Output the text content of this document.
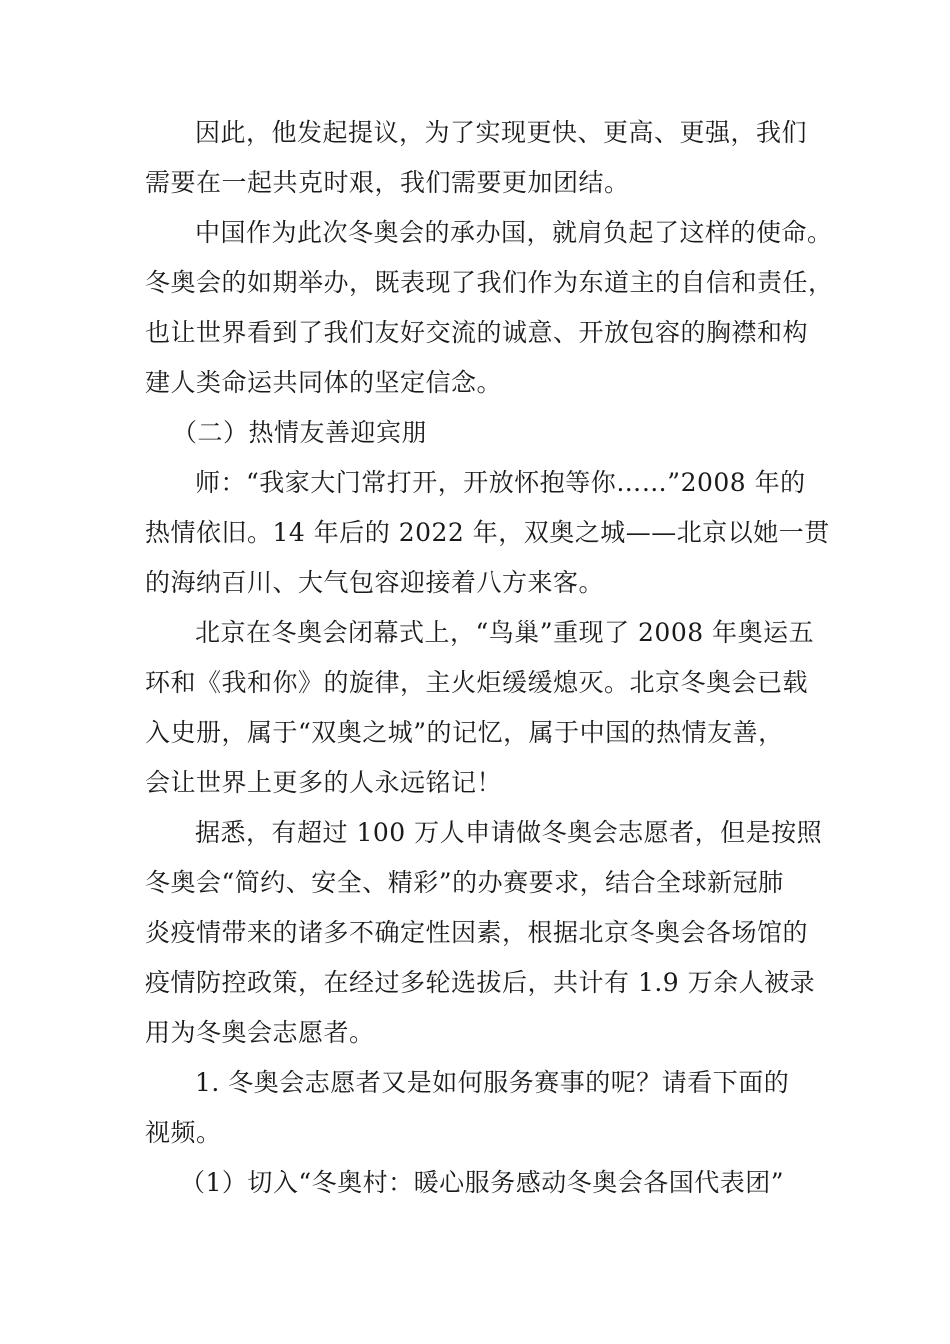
因此，他发起提议，为了实现更快、更高、更强，我们
需要在一起共克时艰，我们需要更加团结。
中国作为此次冬奥会的承办国，就肩负起了这样的使命。
冬奥会的如期举办，既表现了我们作为东道主的自信和责任，
也让世界看到了我们友好交流的诚意、开放包容的胸襟和构
建人类命运共同体的坚定信念。
（二）热情友善迎宾朋
师：“我家大门常打开，开放怀抱等你……”2008 年的
热情依旧。14 年后的 2022 年，双奥之城——北京以她一贯
的海纳百川、大气包容迎接着八方来客。
北京在冬奥会闭幕式上，“鸟巢”重现了 2008 年奥运五
环和《我和你》的旋律，主火炬缓缓熄灭。北京冬奥会已载
入史册，属于“双奥之城”的记忆，属于中国的热情友善，
会让世界上更多的人永远铭记！
据悉，有超过 100 万人申请做冬奥会志愿者，但是按照
冬奥会“简约、安全、精彩”的办赛要求，结合全球新冠肺
炎疫情带来的诸多不确定性因素，根据北京冬奥会各场馆的
疫情防控政策，在经过多轮选拔后，共计有 1.9 万余人被录
用为冬奥会志愿者。
1. 冬奥会志愿者又是如何服务赛事的呢？请看下面的
视频。
（1）切入“冬奥村：暖心服务感动冬奥会各国代表团”
